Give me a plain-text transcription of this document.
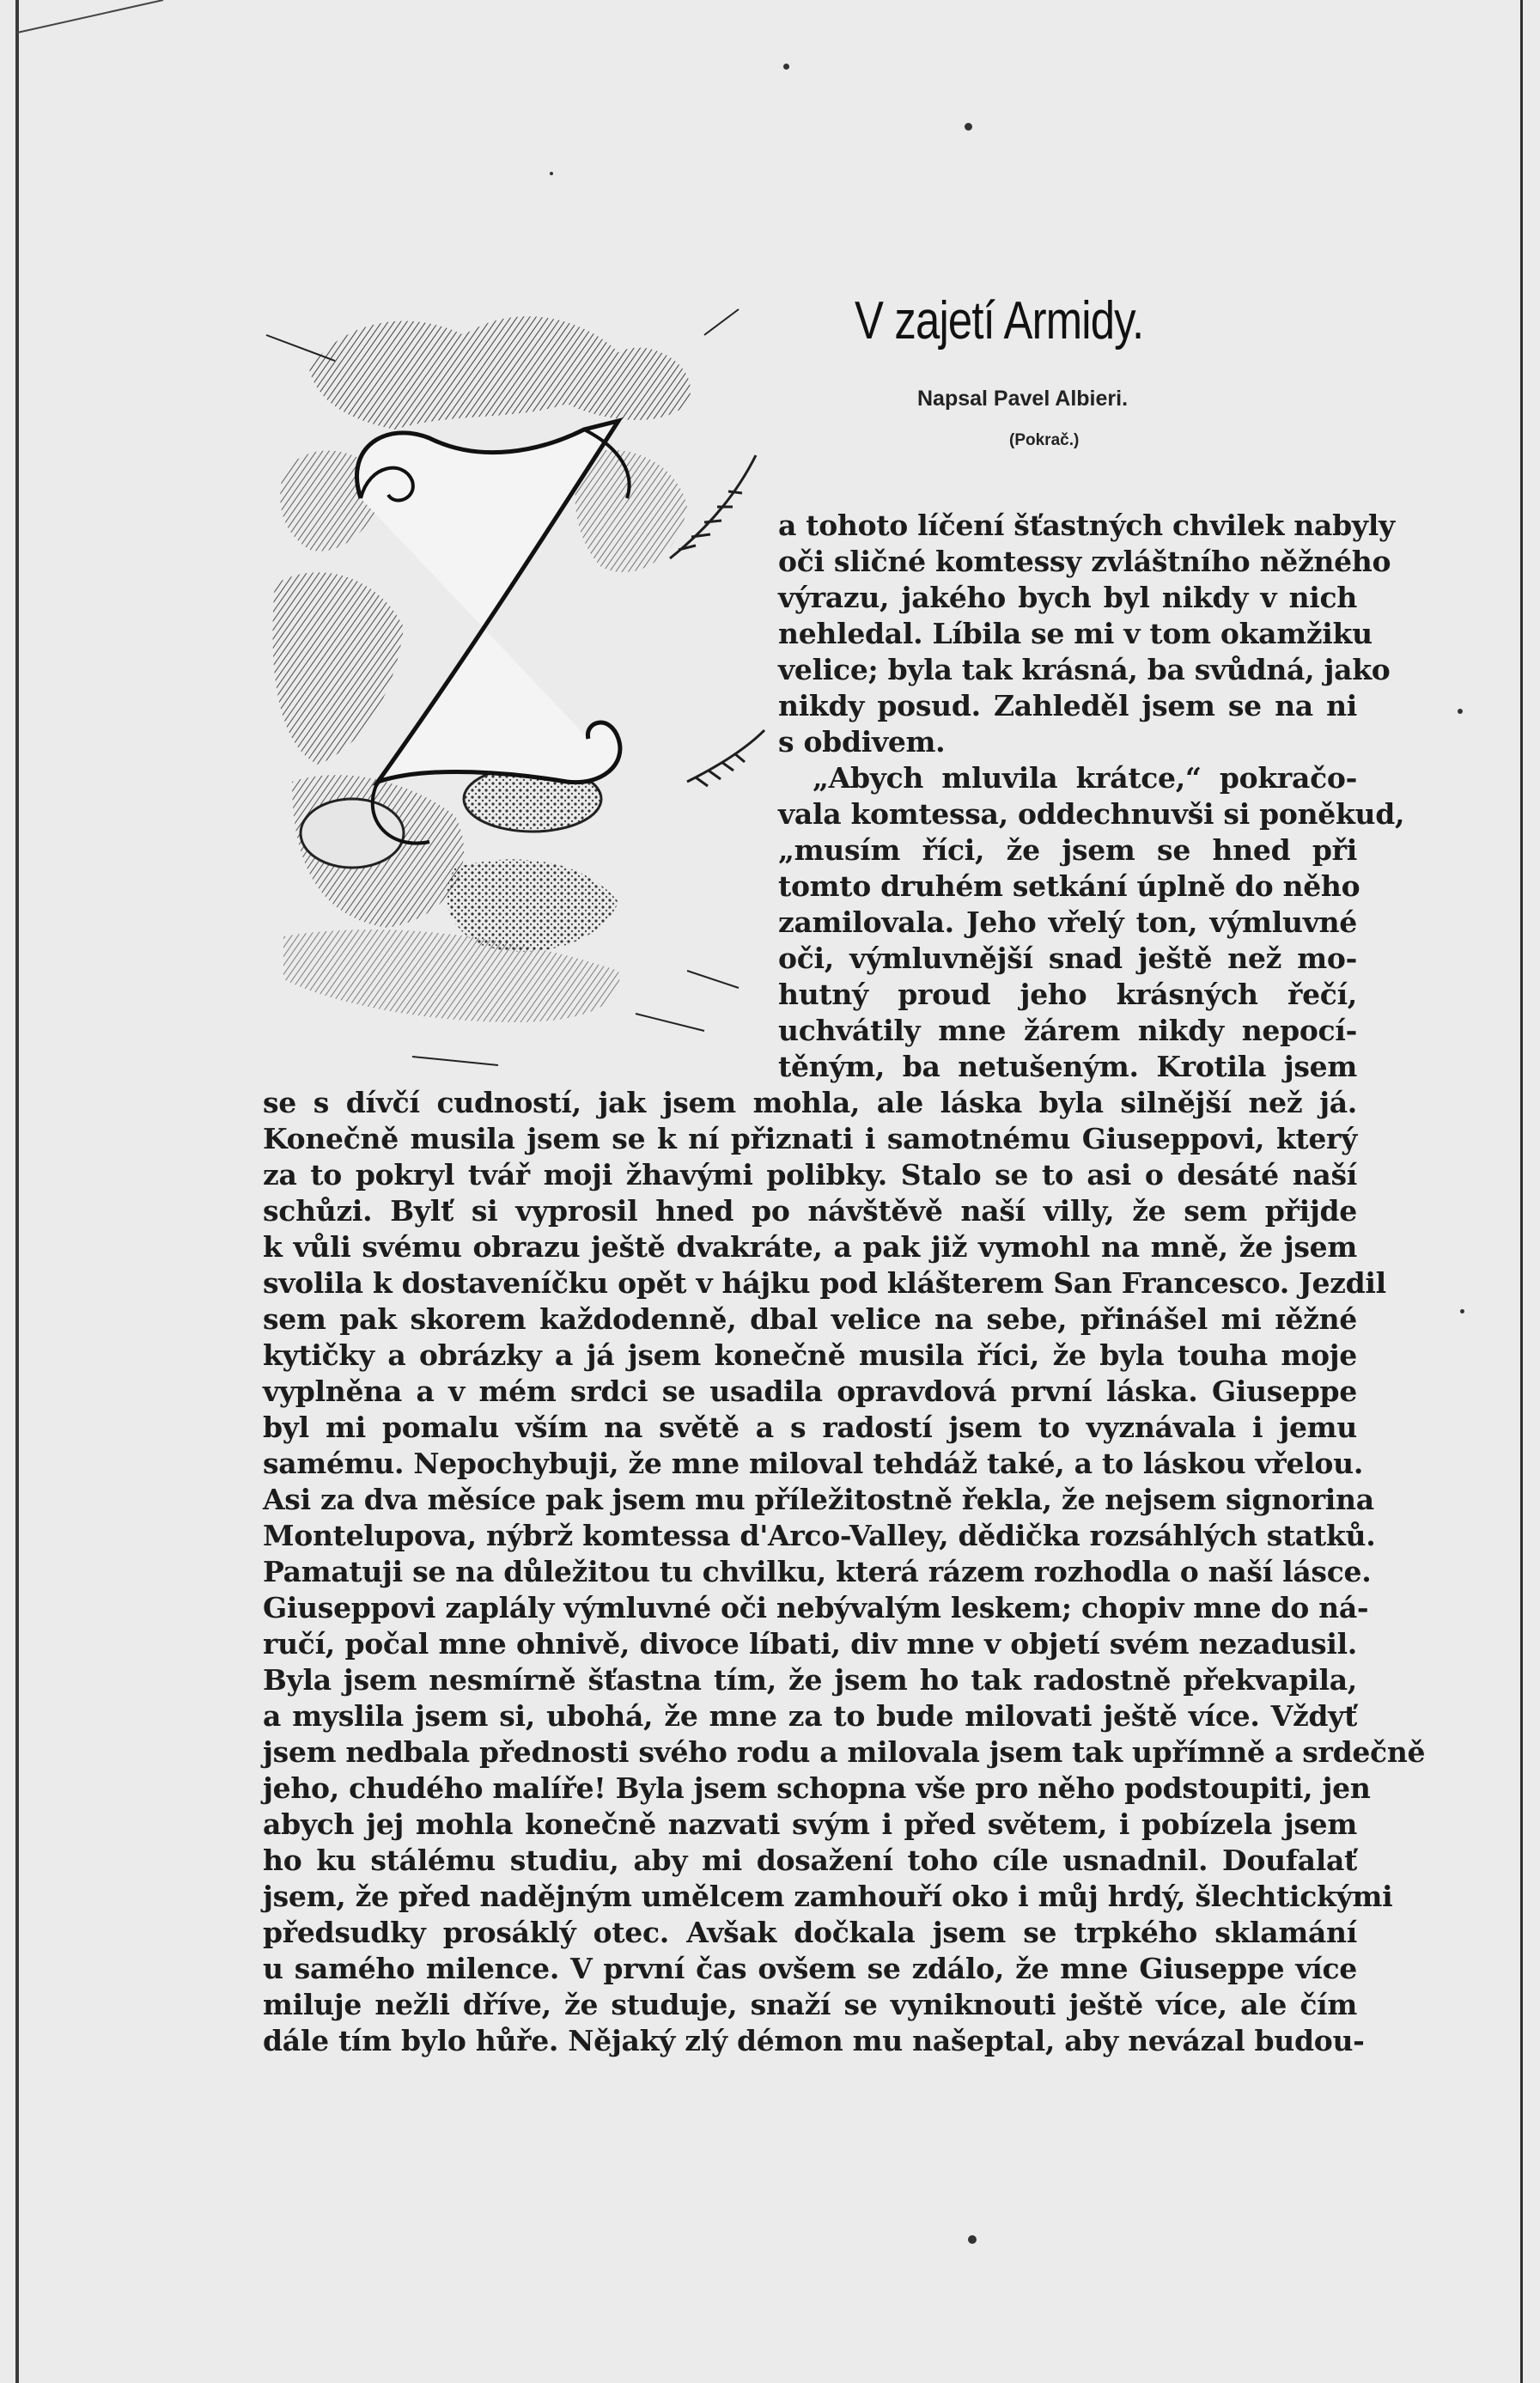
V zajetí Armidy.
Napsal Pavel Albieri.
(Pokrač.)
a tohoto líčení šťastných chvilek nabyly
oči sličné komtessy zvláštního něžného
výrazu, jakého bych byl nikdy v nich
nehledal. Líbila se mi v tom okamžiku
velice; byla tak krásná, ba svůdná, jako
nikdy posud. Zahleděl jsem se na ni
s obdivem.
„Abych mluvila krátce,“ pokračo-
vala komtessa, oddechnuvši si poněkud,
„musím říci, že jsem se hned při
tomto druhém setkání úplně do něho
zamilovala. Jeho vřelý ton, výmluvné
oči, výmluvnější snad ještě než mo-
hutný proud jeho krásných řečí,
uchvátily mne žárem nikdy nepocí-
těným, ba netušeným. Krotila jsem
se s dívčí cudností, jak jsem mohla, ale láska byla silnější než já.
Konečně musila jsem se k ní přiznati i samotnému Giuseppovi, který
za to pokryl tvář moji žhavými polibky. Stalo se to asi o desáté naší
schůzi. Bylť si vyprosil hned po návštěvě naší villy, že sem přijde
k vůli svému obrazu ještě dvakráte, a pak již vymohl na mně, že jsem
svolila k dostaveníčku opět v hájku pod klášterem San Francesco. Jezdil
sem pak skorem každodenně, dbal velice na sebe, přinášel mi ɪěžné
kytičky a obrázky a já jsem konečně musila říci, že byla touha moje
vyplněna a v mém srdci se usadila opravdová první láska. Giuseppe
byl mi pomalu vším na světě a s radostí jsem to vyznávala i jemu
samému. Nepochybuji, že mne miloval tehdáž také, a to láskou vřelou.
Asi za dva měsíce pak jsem mu příležitostně řekla, že nejsem signorina
Montelupova, nýbrž komtessa d'Arco-Valley, dědička rozsáhlých statků.
Pamatuji se na důležitou tu chvilku, která rázem rozhodla o naší lásce.
Giuseppovi zaplály výmluvné oči nebývalým leskem; chopiv mne do ná-
ručí, počal mne ohnivě, divoce líbati, div mne v objetí svém nezadusil.
Byla jsem nesmírně šťastna tím, že jsem ho tak radostně překvapila,
a myslila jsem si, ubohá, že mne za to bude milovati ještě více. Vždyť
jsem nedbala přednosti svého rodu a milovala jsem tak upřímně a srdečně
jeho, chudého malíře! Byla jsem schopna vše pro něho podstoupiti, jen
abych jej mohla konečně nazvati svým i před světem, i pobízela jsem
ho ku stálému studiu, aby mi dosažení toho cíle usnadnil. Doufalať
jsem, že před nadějným umělcem zamhouří oko i můj hrdý, šlechtickými
předsudky prosáklý otec. Avšak dočkala jsem se trpkého sklamání
u samého milence. V první čas ovšem se zdálo, že mne Giuseppe více
miluje nežli dříve, že studuje, snaží se vyniknouti ještě více, ale čím
dále tím bylo hůře. Nějaký zlý démon mu našeptal, aby nevázal budou-
